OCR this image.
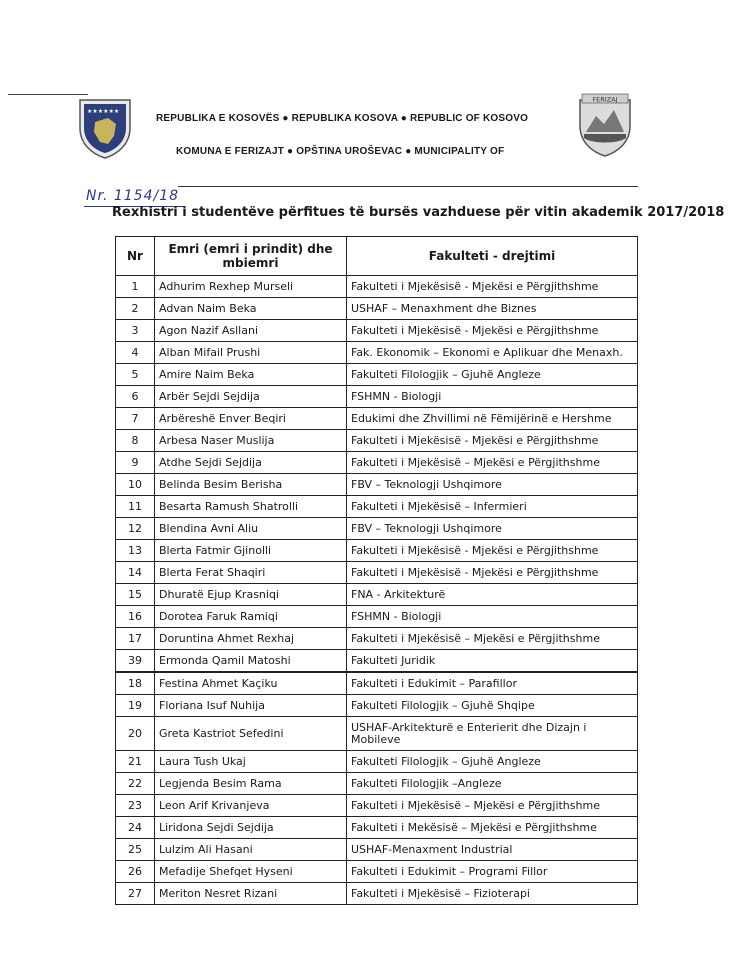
★★★★★★
REPUBLIKA E KOSOVËS ● REPUBLIKA KOSOVA ● REPUBLIC OF KOSOVO
KOMUNA E FERIZAJT ● OPŠTINA UROŠEVAC ● MUNICIPALITY OF
FERIZAJ
Nr. 1154/18
Rexhistri i studentëve përfitues të bursës vazhduese për vitin akademik 2017/2018
Nr	Emri (emri i prindit) dhe mbiemri	Fakulteti - drejtimi
1	Adhurim Rexhep Murseli	Fakulteti i Mjekësisë - Mjekësi e Përgjithshme
2	Advan Naim Beka	USHAF – Menaxhment dhe Biznes
3	Agon Nazif Asllani	Fakulteti i Mjekësisë - Mjekësi e Përgjithshme
4	Alban Mifail Prushi	Fak. Ekonomik – Ekonomi e Aplikuar dhe Menaxh.
5	Amire Naim Beka	Fakulteti Filologjik – Gjuhë Angleze
6	Arbër Sejdi Sejdija	FSHMN - Biologji
7	Arbëreshë Enver Beqiri	Edukimi dhe Zhvillimi në Fëmijërinë e Hershme
8	Arbesa Naser Muslija	Fakulteti i Mjekësisë - Mjekësi e Përgjithshme
9	Atdhe Sejdi Sejdija	Fakulteti i Mjekësisë – Mjekësi e Përgjithshme
10	Belinda Besim Berisha	FBV – Teknologji Ushqimore
11	Besarta Ramush Shatrolli	Fakulteti i Mjekësisë – Infermieri
12	Blendina Avni Aliu	FBV – Teknologji Ushqimore
13	Blerta Fatmir Gjinolli	Fakulteti i Mjekësisë - Mjekësi e Përgjithshme
14	Blerta Ferat Shaqiri	Fakulteti i Mjekësisë - Mjekësi e Përgjithshme
15	Dhuratë Ejup Krasniqi	FNA - Arkitekturë
16	Dorotea Faruk Ramiqi	FSHMN - Biologji
17	Doruntina Ahmet Rexhaj	Fakulteti i Mjekësisë – Mjekësi e Përgjithshme
39	Ermonda Qamil Matoshi	Fakulteti Juridik
18	Festina Ahmet Kaçiku	Fakulteti i Edukimit – Parafillor
19	Floriana Isuf Nuhija	Fakulteti Filologjik – Gjuhë Shqipe
20	Greta Kastriot Sefedini	USHAF-Arkitekturë e Enterierit dhe Dizajn i Mobileve
21	Laura Tush Ukaj	Fakulteti Filologjik – Gjuhë Angleze
22	Legjenda Besim Rama	Fakulteti Filologjik –Angleze
23	Leon Arif Krivanjeva	Fakulteti i Mjekësisë – Mjekësi e Përgjithshme
24	Liridona Sejdi Sejdija	Fakulteti i Mekësisë – Mjekësi e Përgjithshme
25	Lulzim Ali Hasani	USHAF-Menaxment Industrial
26	Mefadije Shefqet Hyseni	Fakulteti i Edukimit – Programi Fillor
27	Meriton Nesret Rizani	Fakulteti i Mjekësisë – Fizioterapi
